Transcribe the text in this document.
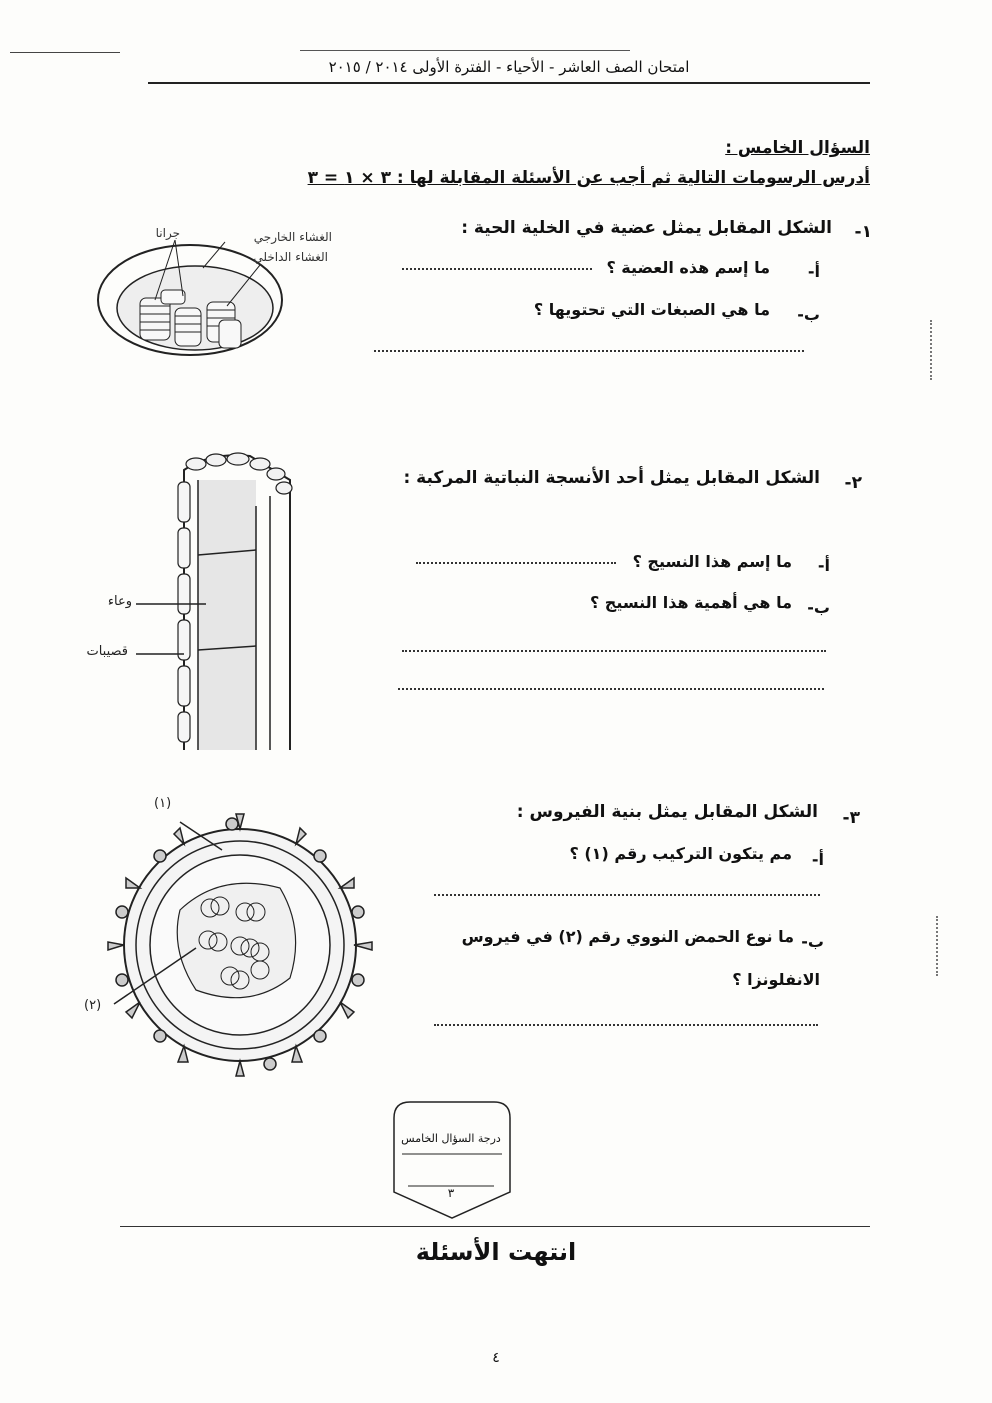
امتحان الصف العاشر - الأحياء - الفترة الأولى ٢٠١٤ / ٢٠١٥
السؤال الخامس :
أدرس الرسومات التالية ثم أجب عن الأسئلة المقابلة لها : ٣ × ١ = ٣
١-
الشكل المقابل يمثل عضية في الخلية الحية :
أ-
ما إسم هذه العضية ؟
ب-
ما هي الصبغات التي تحتويها ؟
جرانا	الغشاء الخارجي
الغشاء الداخلي
٢-
الشكل المقابل يمثل أحد الأنسجة النباتية المركبة :
أ-
ما إسم هذا النسيج ؟
ب-
ما هي أهمية هذا النسيج ؟
وعاء
قصيبات
٣-
الشكل المقابل يمثل بنية الفيروس :
أ-
مم يتكون التركيب رقم (١) ؟
ب-
ما نوع الحمض النووي رقم (٢) في فيروس
الانفلونزا ؟
(١)
(٢)
درجة السؤال الخامس
٣
انتهت الأسئلة
٤
